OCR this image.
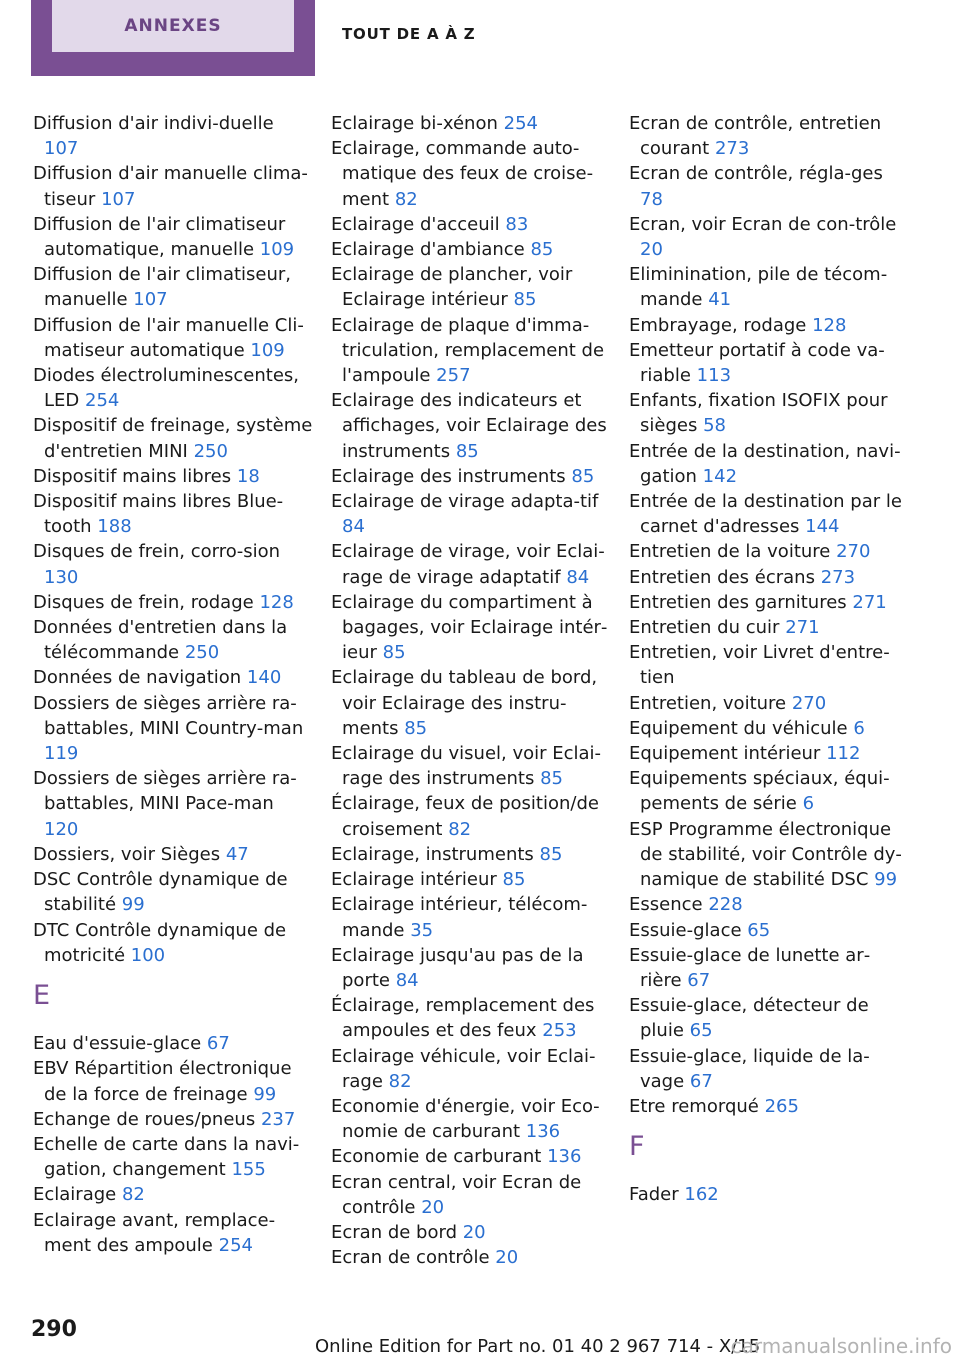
ANNEXES	TOUT DE A À Z
Diffusion d'air indivi‐duelle 107
Diffusion d'air manuelle clima‐tiseur 107
Diffusion de l'air climatiseur automatique, manuelle 109
Diffusion de l'air climatiseur, manuelle 107
Diffusion de l'air manuelle Cli‐matiseur automatique 109
Diodes électroluminescentes, LED 254
Dispositif de freinage, système d'entretien MINI 250
Dispositif mains libres 18
Dispositif mains libres Blue‐tooth 188
Disques de frein, corro‐sion 130
Disques de frein, rodage 128
Données d'entretien dans la télécommande 250
Données de navigation 140
Dossiers de sièges arrière ra‐battables, MINI Country‐man 119
Dossiers de sièges arrière ra‐battables, MINI Pace‐man 120
Dossiers, voir Sièges 47
DSC Contrôle dynamique de stabilité 99
DTC Contrôle dynamique de motricité 100
E
Eau d'essuie-glace 67
EBV Répartition électronique de la force de freinage 99
Echange de roues/pneus 237
Echelle de carte dans la navi‐gation, changement 155
Eclairage 82
Eclairage avant, remplace‐ment des ampoule 254
Eclairage bi-xénon 254
Eclairage, commande auto‐matique des feux de croise‐ment 82
Eclairage d'acceuil 83
Eclairage d'ambiance 85
Eclairage de plancher, voir Eclairage intérieur 85
Eclairage de plaque d'imma‐triculation, remplacement de l'ampoule 257
Eclairage des indicateurs et affichages, voir Eclairage des instruments 85
Eclairage des instruments 85
Eclairage de virage adapta‐tif 84
Eclairage de virage, voir Eclai‐rage de virage adaptatif 84
Eclairage du compartiment à bagages, voir Eclairage intér‐ieur 85
Eclairage du tableau de bord, voir Eclairage des instru‐ments 85
Eclairage du visuel, voir Eclai‐rage des instruments 85
Éclairage, feux de position/de croisement 82
Eclairage, instruments 85
Eclairage intérieur 85
Eclairage intérieur, télécom‐mande 35
Eclairage jusqu'au pas de la porte 84
Éclairage, remplacement des ampoules et des feux 253
Eclairage véhicule, voir Eclai‐rage 82
Economie d'énergie, voir Eco‐nomie de carburant 136
Economie de carburant 136
Ecran central, voir Ecran de contrôle 20
Ecran de bord 20
Ecran de contrôle 20
Ecran de contrôle, entretien courant 273
Ecran de contrôle, régla‐ges 78
Ecran, voir Ecran de con‐trôle 20
Eliminination, pile de técom‐mande 41
Embrayage, rodage 128
Emetteur portatif à code va‐riable 113
Enfants, fixation ISOFIX pour sièges 58
Entrée de la destination, navi‐gation 142
Entrée de la destination par le carnet d'adresses 144
Entretien de la voiture 270
Entretien des écrans 273
Entretien des garnitures 271
Entretien du cuir 271
Entretien, voir Livret d'entre‐tien
Entretien, voiture 270
Equipement du véhicule 6
Equipement intérieur 112
Equipements spéciaux, équi‐pements de série 6
ESP Programme électronique de stabilité, voir Contrôle dy‐namique de stabilité DSC 99
Essence 228
Essuie-glace 65
Essuie-glace de lunette ar‐rière 67
Essuie-glace, détecteur de pluie 65
Essuie-glace, liquide de la‐vage 67
Etre remorqué 265
F
Fader 162
290
Online Edition for Part no. 01 40 2 967 714 - X/15
carmanualsonline.info
